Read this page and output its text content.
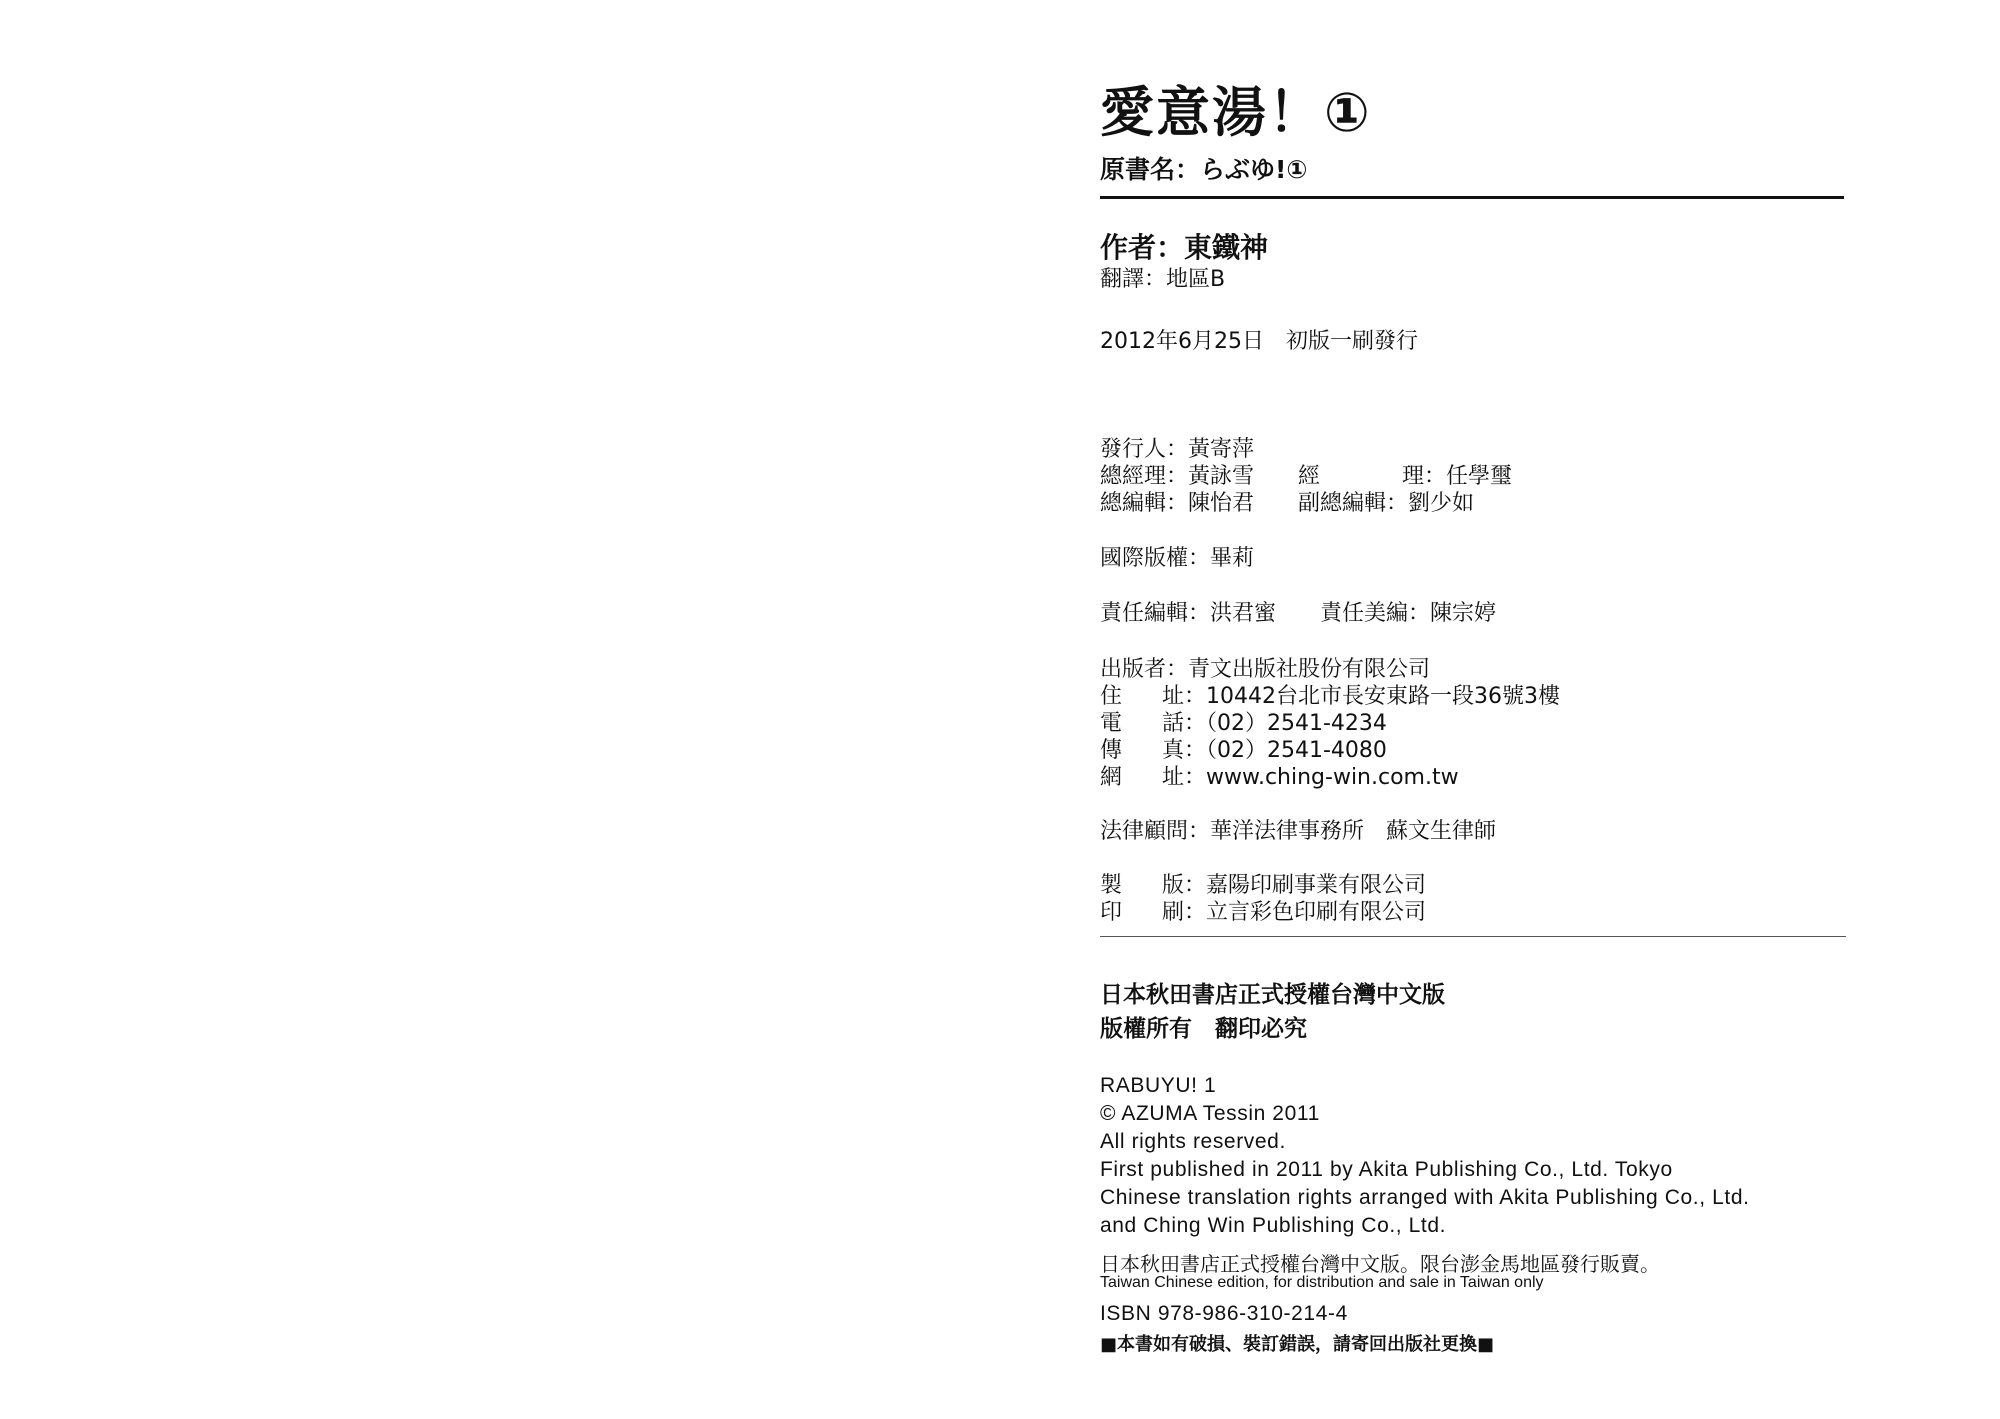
愛意湯！①
原書名：らぶゆ!①
作者：東鐵神
翻譯：地區B
2012年6月25日　初版一刷發行
發行人：黃寄萍
總經理：黃詠雪 經　理：任學璽
總編輯：陳怡君 副總編輯：劉少如
國際版權：畢莉
責任編輯：洪君蜜 責任美編：陳宗婷
出版者：青文出版社股份有限公司
住　址：10442台北市長安東路一段36號3樓
電　話：（02）2541-4234
傳　真：（02）2541-4080
網　址：www.ching-win.com.tw
法律顧問：華洋法律事務所　蘇文生律師
製　版：嘉陽印刷事業有限公司
印　刷：立言彩色印刷有限公司
日本秋田書店正式授權台灣中文版
版權所有　翻印必究
RABUYU! 1
© AZUMA Tessin 2011
All rights reserved.
First published in 2011 by Akita Publishing Co., Ltd. Tokyo
Chinese translation rights arranged with Akita Publishing Co., Ltd.
and Ching Win Publishing Co., Ltd.
日本秋田書店正式授權台灣中文版。限台澎金馬地區發行販賣。
Taiwan Chinese edition, for distribution and sale in Taiwan only
ISBN 978-986-310-214-4
■本書如有破損、裝訂錯誤，請寄回出版社更換■
